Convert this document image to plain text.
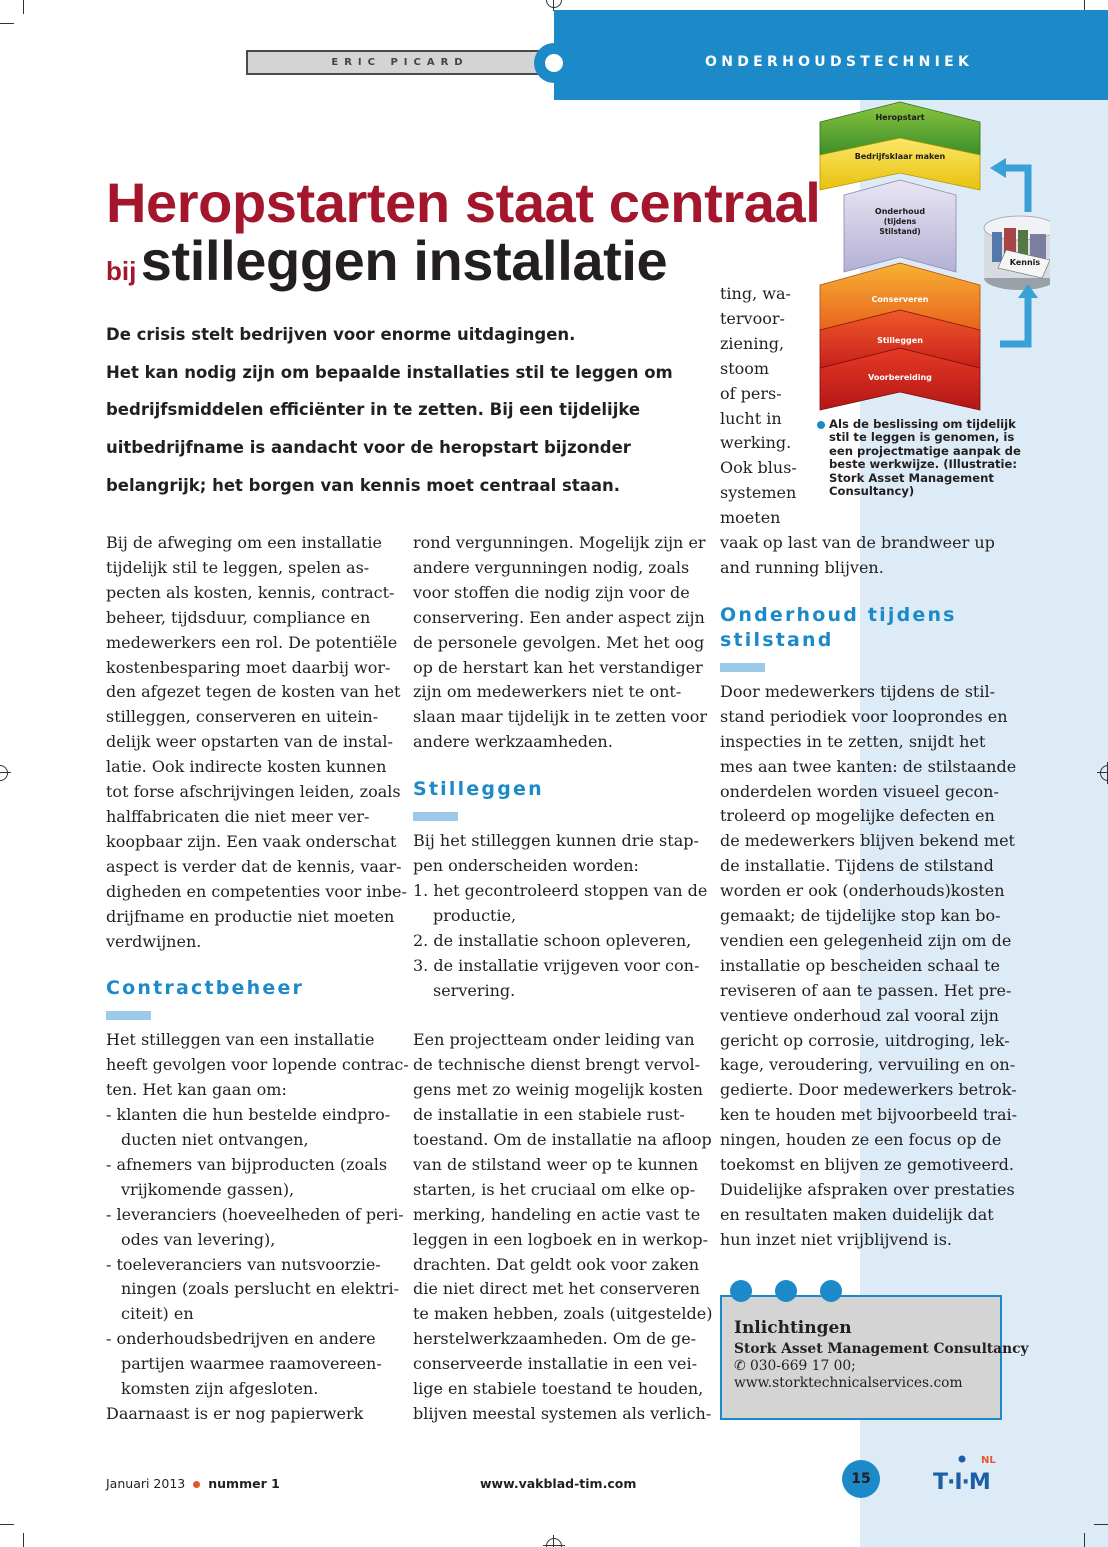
ERIC PICARD	ONDERHOUDSTECHNIEK
Heropstarten staat centraal
bij stilleggen installatie
De crisis stelt bedrijven voor enorme uitdagingen.
Het kan nodig zijn om bepaalde installaties stil te leggen om
bedrijfsmiddelen efficiënter in te zetten. Bij een tijdelijke
uitbedrijfname is aandacht voor de heropstart bijzonder
belangrijk; het borgen van kennis moet centraal staan.
Bij de afweging om een installatie
tijdelijk stil te leggen, spelen as-
pecten als kosten, kennis, contract-
beheer, tijdsduur, compliance en
medewerkers een rol. De potentiële
kostenbesparing moet daarbij wor-
den afgezet tegen de kosten van het
stilleggen, conserveren en uitein-
delijk weer opstarten van de instal-
latie. Ook indirecte kosten kunnen
tot forse afschrijvingen leiden, zoals
halffabricaten die niet meer ver-
koopbaar zijn. Een vaak onderschat
aspect is verder dat de kennis, vaar-
digheden en competenties voor inbe-
drijfname en productie niet moeten
verdwijnen.
Contractbeheer
Het stilleggen van een installatie
heeft gevolgen voor lopende contrac-
ten. Het kan gaan om:
- klanten die hun bestelde eindpro-
ducten niet ontvangen,
- afnemers van bijproducten (zoals
vrijkomende gassen),
- leveranciers (hoeveelheden of peri-
odes van levering),
- toeleveranciers van nutsvoorzie-
ningen (zoals perslucht en elektri-
citeit) en
- onderhoudsbedrijven en andere
partijen waarmee raamovereen-
komsten zijn afgesloten.
Daarnaast is er nog papierwerk
rond vergunningen. Mogelijk zijn er
andere vergunningen nodig, zoals
voor stoffen die nodig zijn voor de
conservering. Een ander aspect zijn
de personele gevolgen. Met het oog
op de herstart kan het verstandiger
zijn om medewerkers niet te ont-
slaan maar tijdelijk in te zetten voor
andere werkzaamheden.
Stilleggen
Bij het stilleggen kunnen drie stap-
pen onderscheiden worden:
1. het gecontroleerd stoppen van de
productie,
2. de installatie schoon opleveren,
3. de installatie vrijgeven voor con-
servering.
Een projectteam onder leiding van
de technische dienst brengt vervol-
gens met zo weinig mogelijk kosten
de installatie in een stabiele rust-
toestand. Om de installatie na afloop
van de stilstand weer op te kunnen
starten, is het cruciaal om elke op-
merking, handeling en actie vast te
leggen in een logboek en in werkop-
drachten. Dat geldt ook voor zaken
die niet direct met het conserveren
te maken hebben, zoals (uitgestelde)
herstelwerkzaamheden. Om de ge-
conserveerde installatie in een vei-
lige en stabiele toestand te houden,
blijven meestal systemen als verlich-
ting, wa-
tervoor-
ziening,
stoom
of pers-
lucht in
werking.
Ook blus-
systemen
moeten
vaak op last van de brandweer up
and running blijven.
Onderhoud tijdens
stilstand
Door medewerkers tijdens de stil-
stand periodiek voor looprondes en
inspecties in te zetten, snijdt het
mes aan twee kanten: de stilstaande
onderdelen worden visueel gecon-
troleerd op mogelijke defecten en
de medewerkers blijven bekend met
de installatie. Tijdens de stilstand
worden er ook (onderhouds)kosten
gemaakt; de tijdelijke stop kan bo-
vendien een gelegenheid zijn om de
installatie op bescheiden schaal te
reviseren of aan te passen. Het pre-
ventieve onderhoud zal vooral zijn
gericht op corrosie, uitdroging, lek-
kage, veroudering, vervuiling en on-
gedierte. Door medewerkers betrok-
ken te houden met bijvoorbeeld trai-
ningen, houden ze een focus op de
toekomst en blijven ze gemotiveerd.
Duidelijke afspraken over prestaties
en resultaten maken duidelijk dat
hun inzet niet vrijblijvend is.
Heropstart
Bedrijfsklaar maken
Onderhoud
(tijdens
Stilstand)
Conserveren
Stilleggen
Voorbereiding
Kennis
Als de beslissing om tijdelijk
stil te leggen is genomen, is
een projectmatige aanpak de
beste werkwijze. (Illustratie:
Stork Asset Management
Consultancy)
Inlichtingen
Stork Asset Management Consultancy
✆ 030-669 17 00;
www.storktechnicalservices.com
Januari 2013 nummer 1	www.vakblad-tim.com	15
NL
T·I·M
